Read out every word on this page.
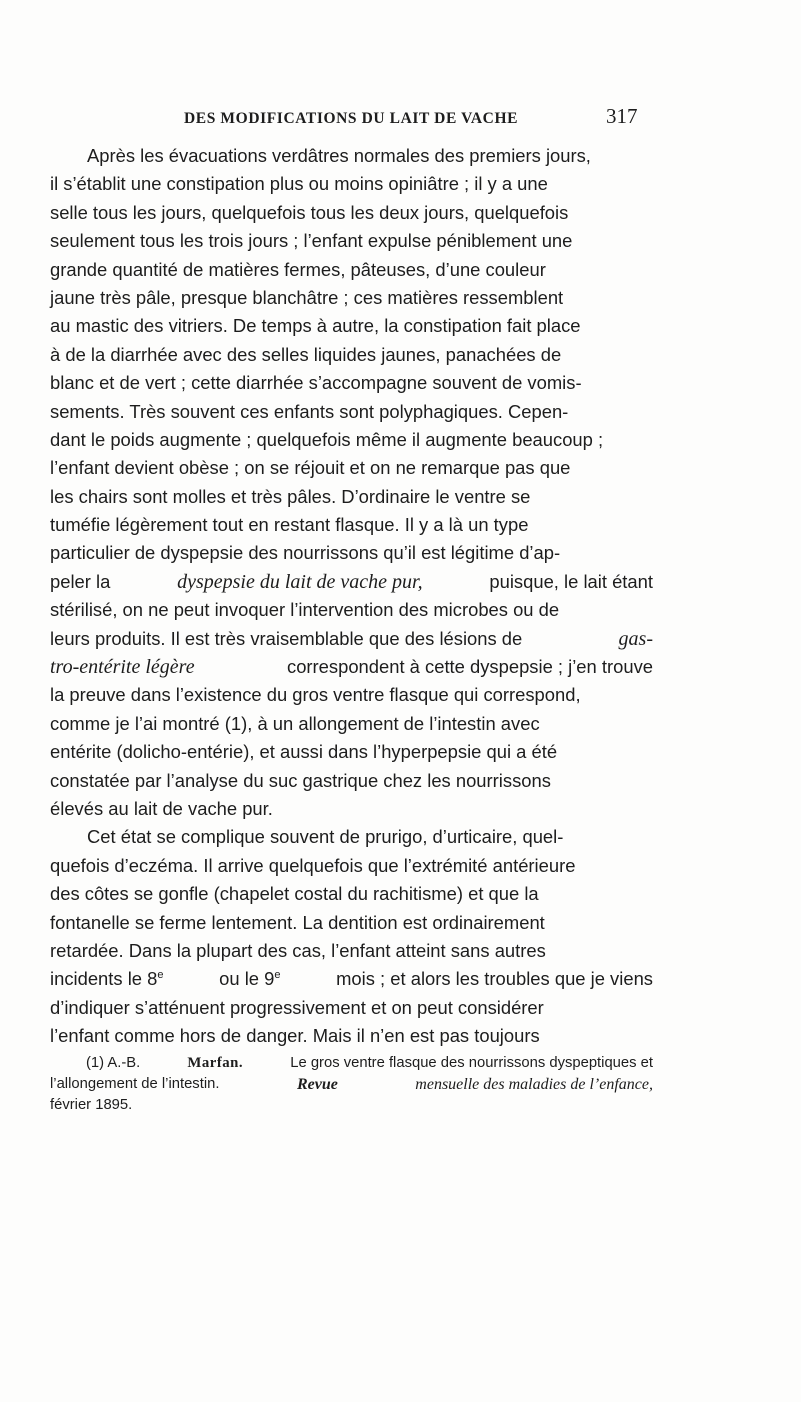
DES MODIFICATIONS DU LAIT DE VACHE	317
Après les évacuations verdâtres normales des premiers jours,
il s’établit une constipation plus ou moins opiniâtre ; il y a une
selle tous les jours, quelquefois tous les deux jours, quelquefois
seulement tous les trois jours ; l’enfant expulse péniblement une
grande quantité de matières fermes, pâteuses, d’une couleur
jaune très pâle, presque blanchâtre ; ces matières ressemblent
au mastic des vitriers. De temps à autre, la constipation fait place
à de la diarrhée avec des selles liquides jaunes, panachées de
blanc et de vert ; cette diarrhée s’accompagne souvent de vomis-
sements. Très souvent ces enfants sont polyphagiques. Cepen-
dant le poids augmente ; quelquefois même il augmente beaucoup ;
l’enfant devient obèse ; on se réjouit et on ne remarque pas que
les chairs sont molles et très pâles. D’ordinaire le ventre se
tuméfie légèrement tout en restant flasque. Il y a là un type
particulier de dyspepsie des nourrissons qu’il est légitime d’ap-
peler la	dyspepsie du lait de vache pur,	puisque, le lait étant
stérilisé, on ne peut invoquer l’intervention des microbes ou de
leurs produits. Il est très vraisemblable que des lésions de	gas-
tro-entérite légère	correspondent à cette dyspepsie ; j’en trouve
la preuve dans l’existence du gros ventre flasque qui correspond,
comme je l’ai montré (1), à un allongement de l’intestin avec
entérite (dolicho-entérie), et aussi dans l’hyperpepsie qui a été
constatée par l’analyse du suc gastrique chez les nourrissons
élevés au lait de vache pur.
Cet état se complique souvent de prurigo, d’urticaire, quel-
quefois d’eczéma. Il arrive quelquefois que l’extrémité antérieure
des côtes se gonfle (chapelet costal du rachitisme) et que la
fontanelle se ferme lentement. La dentition est ordinairement
retardée. Dans la plupart des cas, l’enfant atteint sans autres
incidents le 8e	ou le 9e	mois ; et alors les troubles que je viens
d’indiquer s’atténuent progressivement et on peut considérer
l’enfant comme hors de danger. Mais il n’en est pas toujours
(1) A.-B.	Marfan.	Le gros ventre flasque des nourrissons dyspeptiques et
l’allongement de l’intestin.	Revue	mensuelle des maladies de l’enfance,
février 1895.
